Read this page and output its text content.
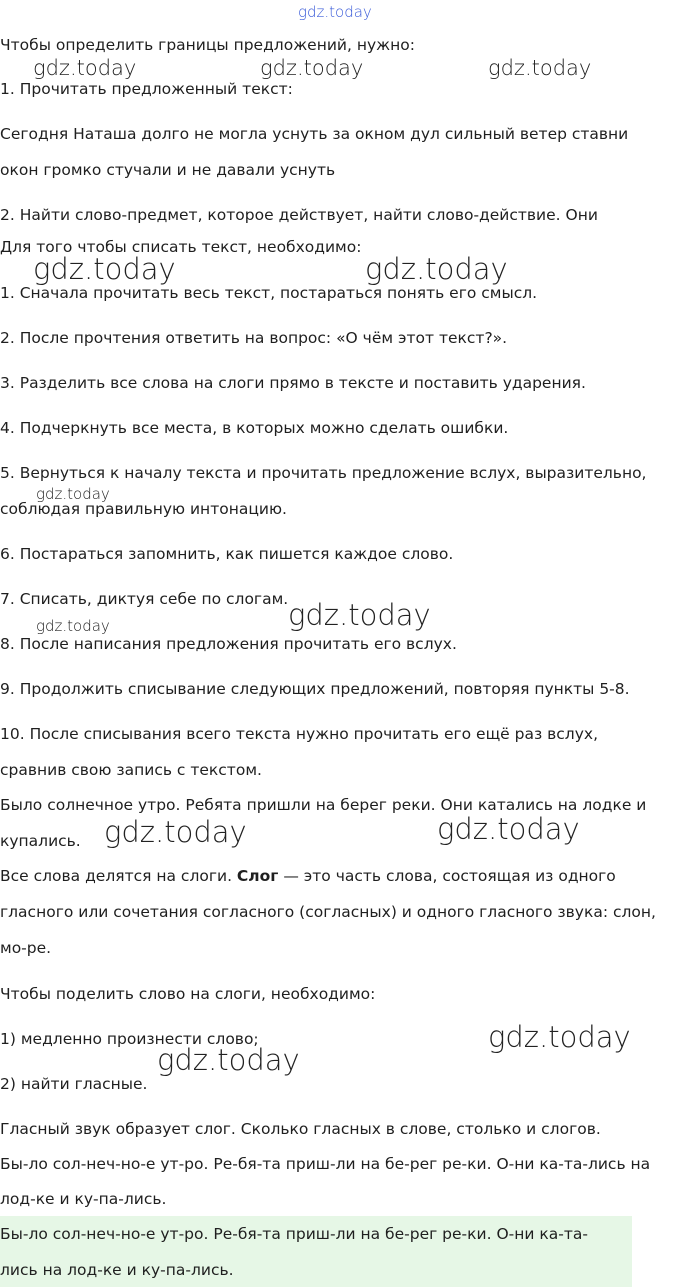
gdz.today
gdz.today	gdz.today	gdz.today
gdz.today	gdz.today
gdz.today
gdz.today
gdz.today
gdz.today	gdz.today
gdz.today
gdz.today
Чтобы определить границы предложений, нужно:
1. Прочитать предложенный текст:
Сегодня Наташа долго не могла уснуть за окном дул сильный ветер ставни
окон громко стучали и не давали уснуть
2. Найти слово-предмет, которое действует, найти слово-действие. Они
Для того чтобы списать текст, необходимо:
1. Сначала прочитать весь текст, постараться понять его смысл.
2. После прочтения ответить на вопрос: «О чём этот текст?».
3. Разделить все слова на слоги прямо в тексте и поставить ударения.
4. Подчеркнуть все места, в которых можно сделать ошибки.
5. Вернуться к началу текста и прочитать предложение вслух, выразительно,
соблюдая правильную интонацию.
6. Постараться запомнить, как пишется каждое слово.
7. Списать, диктуя себе по слогам.
8. После написания предложения прочитать его вслух.
9. Продолжить списывание следующих предложений, повторяя пункты 5-8.
10. После списывания всего текста нужно прочитать его ещё раз вслух,
сравнив свою запись с текстом.
Было солнечное утро. Ребята пришли на берег реки. Они катались на лодке и
купались.
Все слова делятся на слоги. Слог — это часть слова, состоящая из одного
гласного или сочетания согласного (согласных) и одного гласного звука: слон,
мо-ре.
Чтобы поделить слово на слоги, необходимо:
1) медленно произнести слово;
2) найти гласные.
Гласный звук образует слог. Сколько гласных в слове, столько и слогов.
Бы-ло сол-неч-но-е ут-ро. Ре-бя-та приш-ли на бе-рег ре-ки. О-ни ка-та-лись на
лод-ке и ку-па-лись.
Бы-ло сол-неч-но-е ут-ро. Ре-бя-та приш-ли на бе-рег ре-ки. О-ни ка-та-
лись на лод-ке и ку-па-лись.
